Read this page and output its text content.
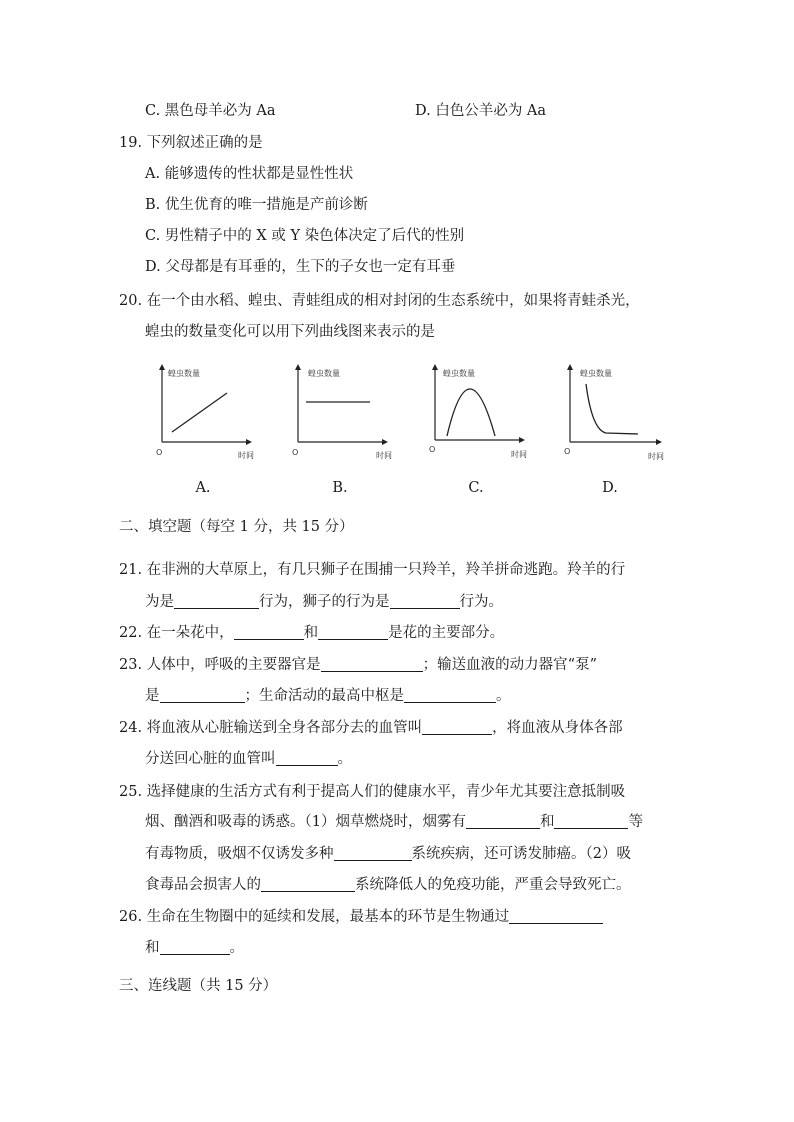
C. 黑色母羊必为 Aa	D. 白色公羊必为 Aa
19. 下列叙述正确的是
A. 能够遗传的性状都是显性性状
B. 优生优育的唯一措施是产前诊断
C. 男性精子中的 X 或 Y 染色体决定了后代的性别
D. 父母都是有耳垂的，生下的子女也一定有耳垂
20. 在一个由水稻、蝗虫、青蛙组成的相对封闭的生态系统中，如果将青蛙杀光，
蝗虫的数量变化可以用下列曲线图来表示的是
蝗虫数量
时间
O
蝗虫数量
时间
O
蝗虫数量
时间
O
蝗虫数量
时间
O
A.	B.	C.	D.
二、填空题（每空 1 分，共 15 分）
21. 在非洲的大草原上，有几只狮子在围捕一只羚羊，羚羊拼命逃跑。羚羊的行
为是	行为，狮子的行为是	行为。
22. 在一朵花中，	和	是花的主要部分。
23. 人体中，呼吸的主要器官是	；输送血液的动力器官“泵”
是	；生命活动的最高中枢是	。
24. 将血液从心脏输送到全身各部分去的血管叫	，将血液从身体各部
分送回心脏的血管叫	。
25. 选择健康的生活方式有利于提高人们的健康水平，青少年尤其要注意抵制吸
烟、酗酒和吸毒的诱惑。（1）烟草燃烧时，烟雾有	和	等
有毒物质，吸烟不仅诱发多种	系统疾病，还可诱发肺癌。（2）吸
食毒品会损害人的	系统降低人的免疫功能，严重会导致死亡。
26. 生命在生物圈中的延续和发展，最基本的环节是生物通过
和	。
三、连线题（共 15 分）
